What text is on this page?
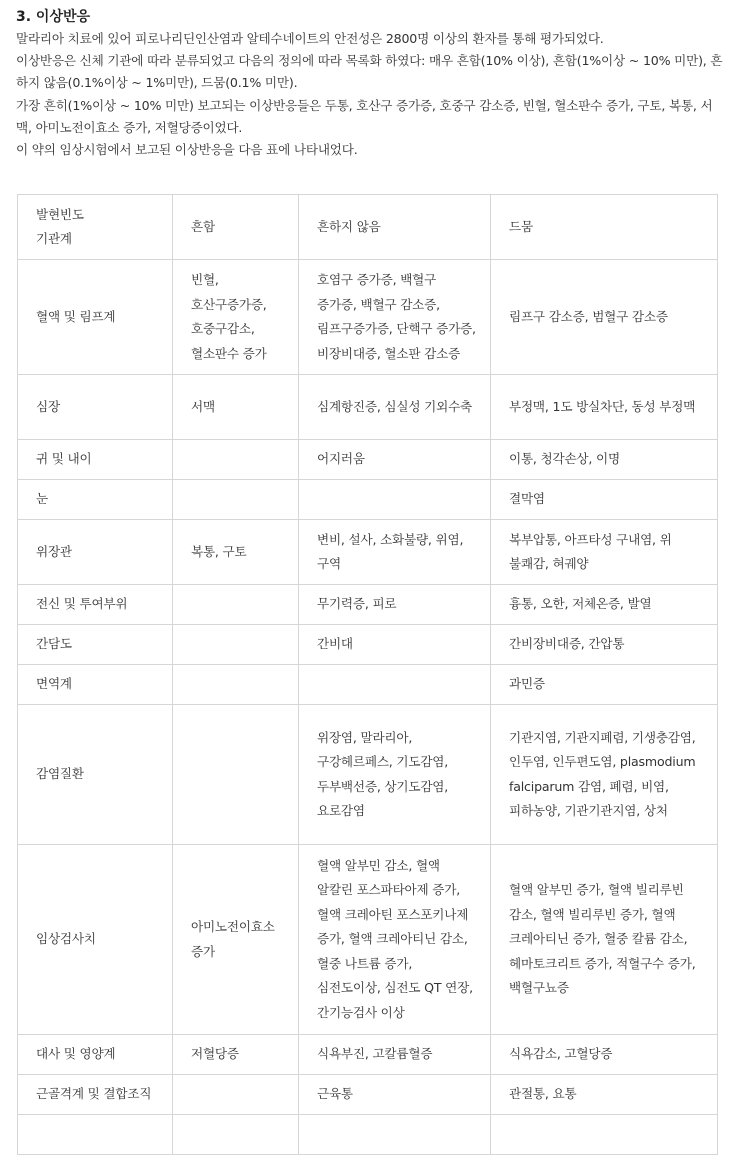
3. 이상반응

말라리아 치료에 있어 피로나리딘인산염과 알테수네이트의 안전성은 2800명 이상의 환자를 통해 평가되었다.

이상반응은 신체 기관에 따라 분류되었고 다음의 정의에 따라 목록화 하였다: 매우 흔함(10% 이상), 흔함(1%이상 ~ 10% 미만), 흔하지 않음(0.1%이상 ~ 1%미만), 드뭄(0.1% 미만).

가장 흔히(1%이상 ~ 10% 미만) 보고되는 이상반응들은 두통, 호산구 증가증, 호중구 감소증, 빈혈, 혈소판수 증가, 구토, 복통, 서맥, 아미노전이효소 증가, 저혈당증이었다.

이 약의 임상시험에서 보고된 이상반응을 다음 표에 나타내었다.

발현빈도
기관계	흔함	흔하지 않음	드뭄
혈액 및 림프계	빈혈, 호산구증가증, 호중구감소, 혈소판수 증가	호염구 증가증, 백혈구 증가증, 백혈구 감소증, 림프구증가증, 단핵구 증가증, 비장비대증, 혈소판 감소증	림프구 감소증, 범혈구 감소증
심장	서맥	심계항진증, 심실성 기외수축	부정맥, 1도 방실차단, 동성 부정맥
귀 및 내이		어지러움	이통, 청각손상, 이명
눈			결막염
위장관	복통, 구토	변비, 설사, 소화불량, 위염, 구역	복부압통, 아프타성 구내염, 위 불쾌감, 혀궤양
전신 및 투여부위		무기력증, 피로	흉통, 오한, 저체온증, 발열
간담도		간비대	간비장비대증, 간압통
면역계			과민증
감염질환		위장염, 말라리아, 구강헤르페스, 기도감염, 두부백선증, 상기도감염, 요로감염	기관지염, 기관지폐렴, 기생충감염, 인두염, 인두편도염, plasmodium falciparum 감염, 폐렴, 비염, 피하농양, 기관기관지염, 상처
임상검사치	아미노전이효소 증가	혈액 알부민 감소, 혈액 알칼린 포스파타아제 증가, 혈액 크레아틴 포스포키나제 증가, 혈액 크레아티닌 감소, 혈중 나트륨 증가, 심전도이상, 심전도 QT 연장, 간기능검사 이상	혈액 알부민 증가, 혈액 빌리루빈 감소, 혈액 빌리루빈 증가, 혈액 크레아티닌 증가, 혈중 칼륨 감소, 헤마토크리트 증가, 적혈구수 증가, 백혈구뇨증
대사 및 영양계	저혈당증	식욕부진, 고칼륨혈증	식욕감소, 고혈당증
근골격계 및 결합조직		근육통	관절통, 요통
